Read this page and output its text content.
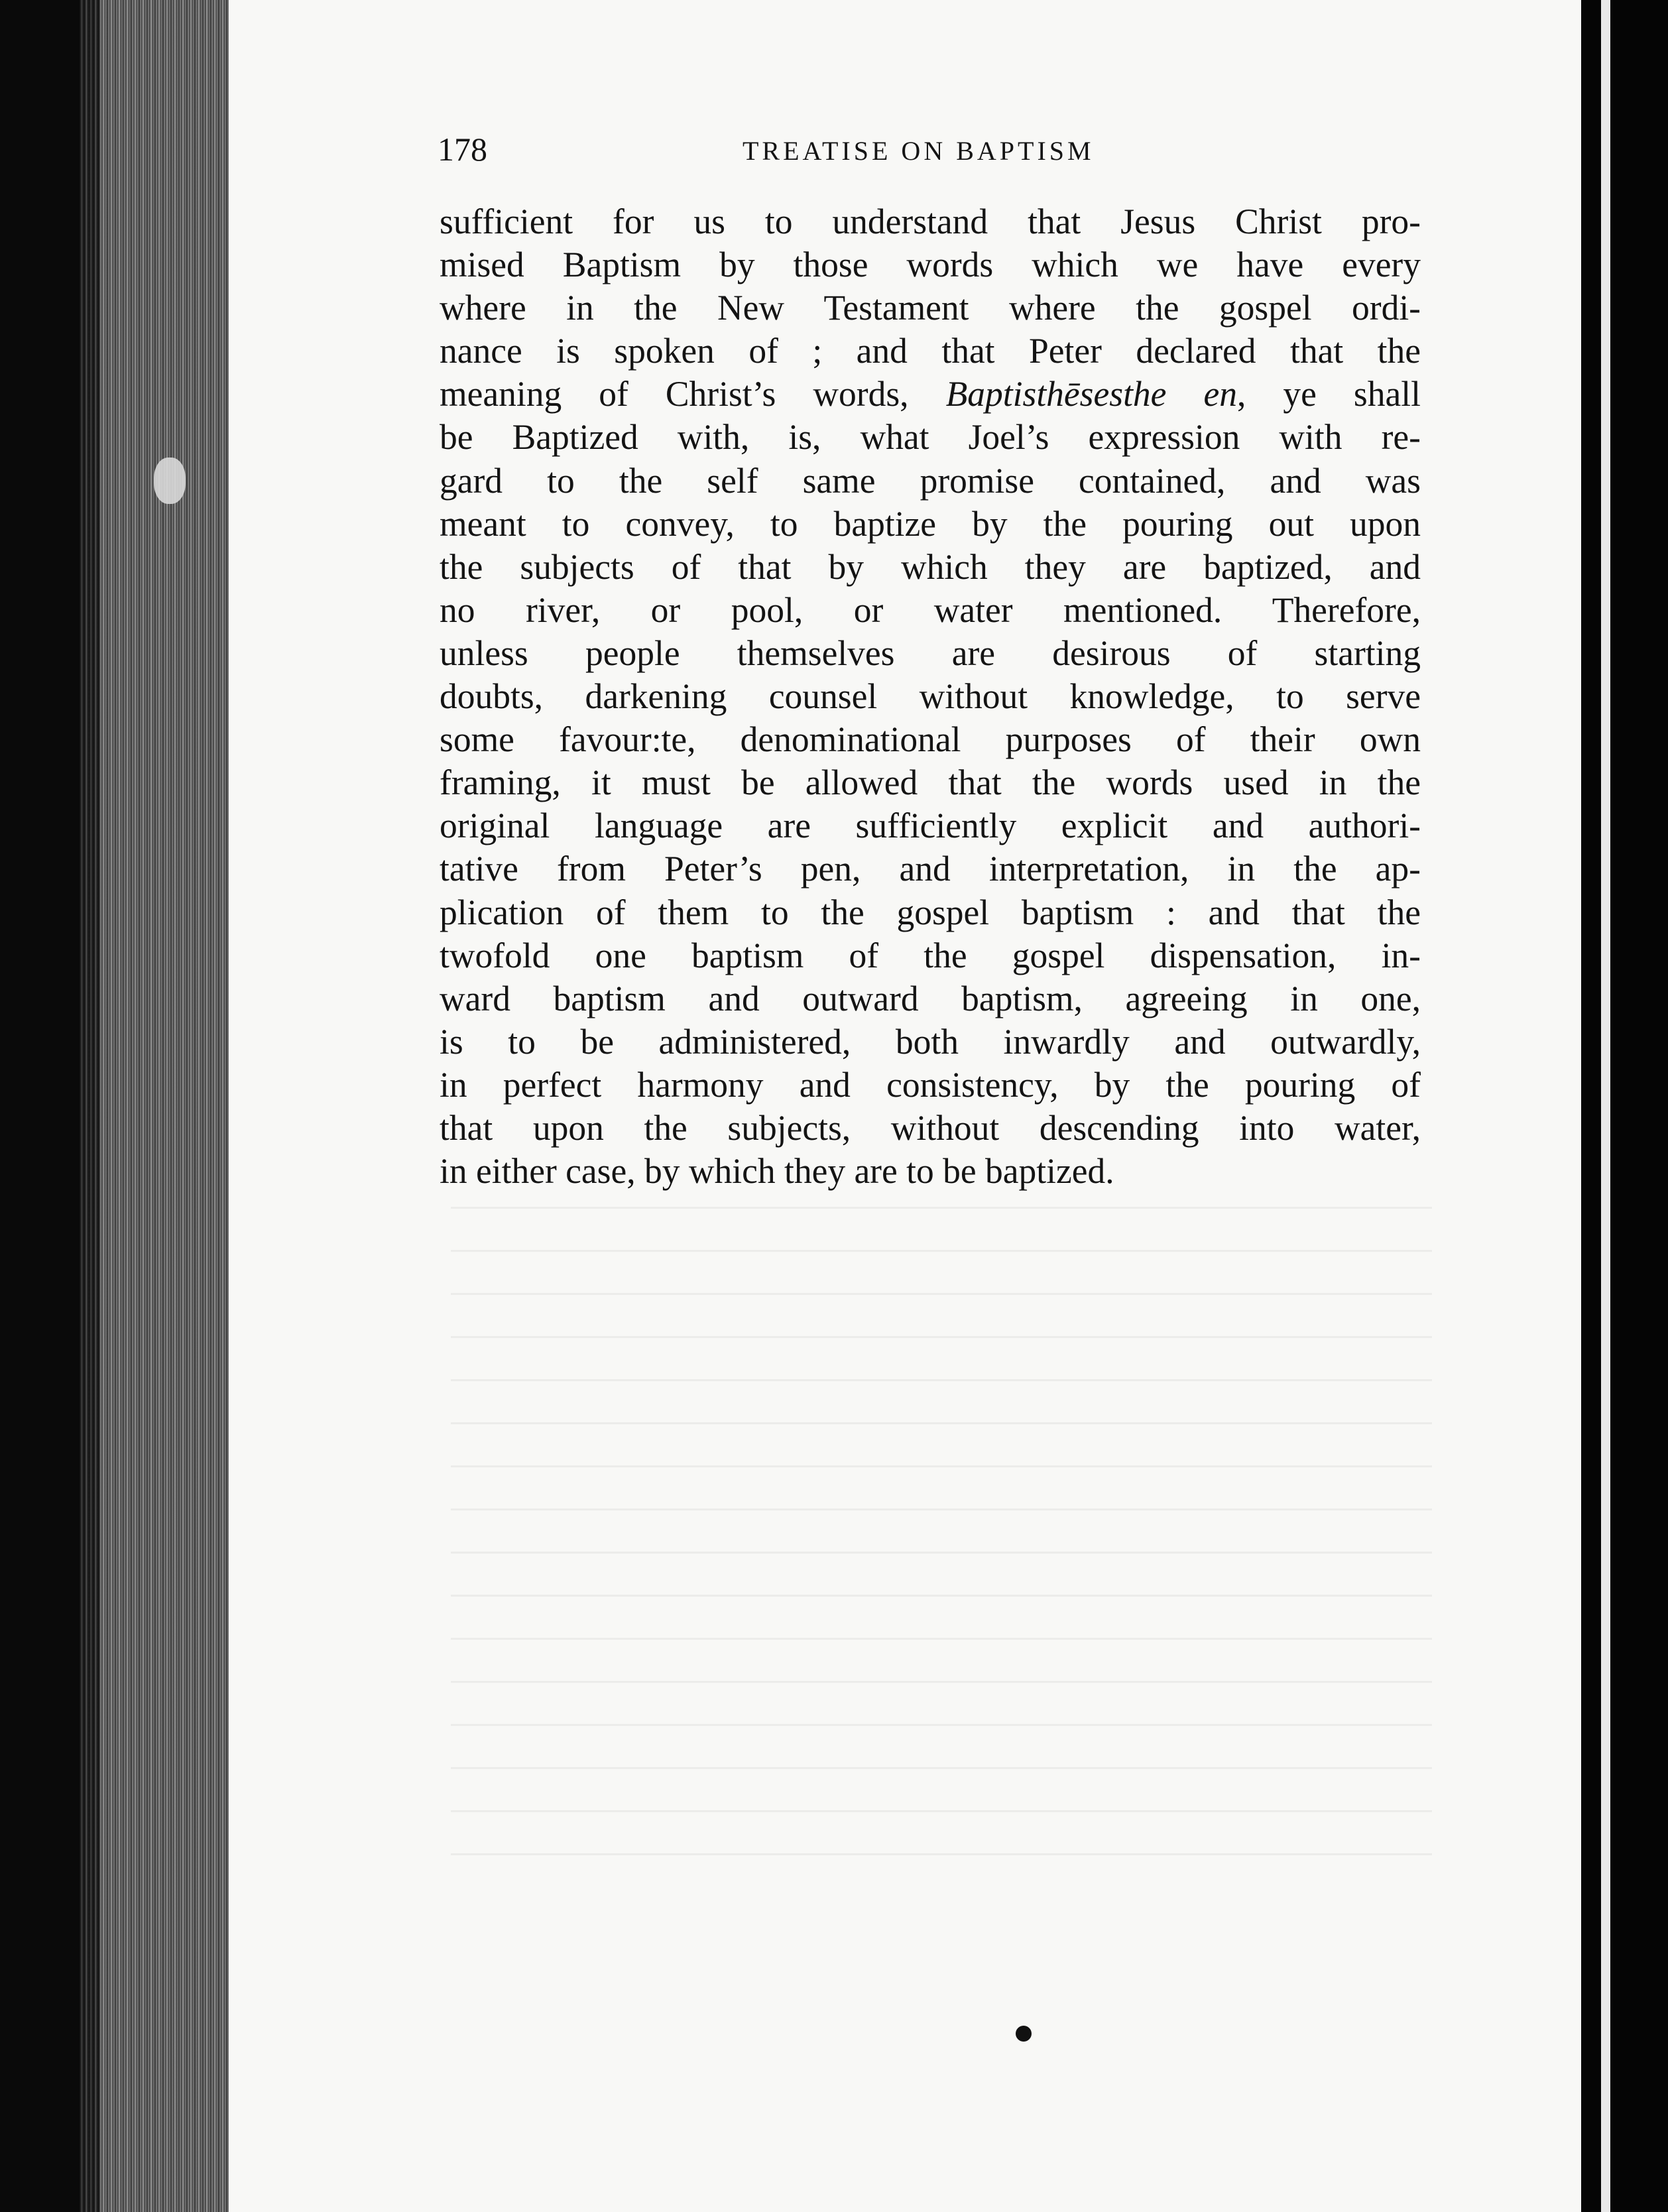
178	TREATISE ON BAPTISM
sufficient for us to understand that Jesus Christ pro-
mised Baptism by those words which we have every
where in the New Testament where the gospel ordi-
nance is spoken of ; and that Peter declared that the
meaning of Christ’s words, Baptisthēsesthe en, ye shall
be Baptized with, is, what Joel’s expression with re-
gard to the self same promise contained, and was
meant to convey, to baptize by the pouring out upon
the subjects of that by which they are baptized, and
no river, or pool, or water mentioned. Therefore,
unless people themselves are desirous of starting
doubts, darkening counsel without knowledge, to serve
some favour:te, denominational purposes of their own
framing, it must be allowed that the words used in the
original language are sufficiently explicit and authori-
tative from Peter’s pen, and interpretation, in the ap-
plication of them to the gospel baptism : and that the
twofold one baptism of the gospel dispensation, in-
ward baptism and outward baptism, agreeing in one,
is to be administered, both inwardly and outwardly,
in perfect harmony and consistency, by the pouring of
that upon the subjects, without descending into water,
in either case, by which they are to be baptized.
